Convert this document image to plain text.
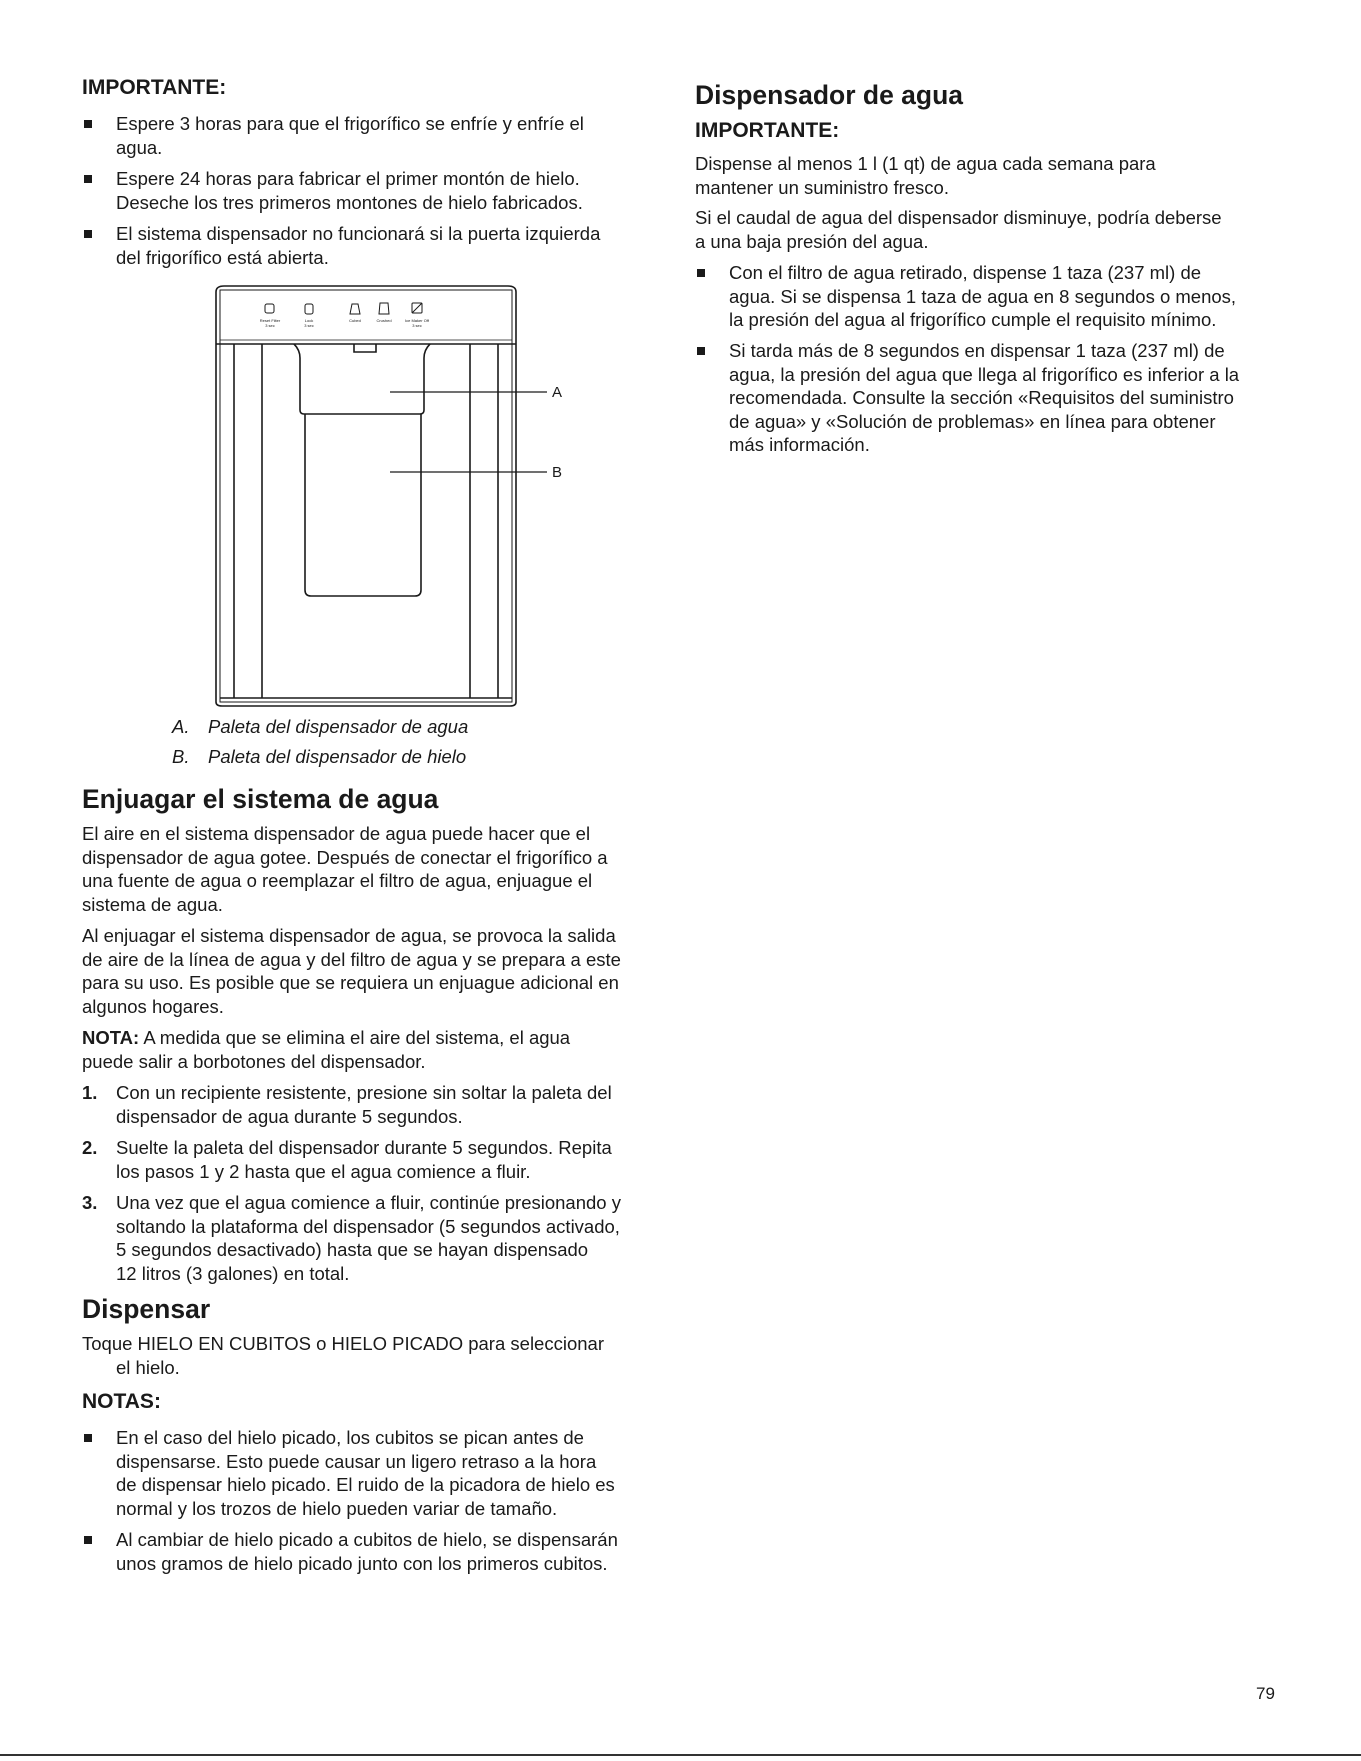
IMPORTANTE:
Espere 3 horas para que el frigorífico se enfríe y enfríe el
agua.
Espere 24 horas para fabricar el primer montón de hielo.
Deseche los tres primeros montones de hielo fabricados.
El sistema dispensador no funcionará si la puerta izquierda
del frigorífico está abierta.
A. Paleta del dispensador de agua
B. Paleta del dispensador de hielo
Enjuagar el sistema de agua
El aire en el sistema dispensador de agua puede hacer que el
dispensador de agua gotee. Después de conectar el frigorífico a
una fuente de agua o reemplazar el filtro de agua, enjuague el
sistema de agua.
Al enjuagar el sistema dispensador de agua, se provoca la salida
de aire de la línea de agua y del filtro de agua y se prepara a este
para su uso. Es posible que se requiera un enjuague adicional en
algunos hogares.
NOTA: A medida que se elimina el aire del sistema, el agua
puede salir a borbotones del dispensador.
1. Con un recipiente resistente, presione sin soltar la paleta del
dispensador de agua durante 5 segundos.
2. Suelte la paleta del dispensador durante 5 segundos. Repita
los pasos 1 y 2 hasta que el agua comience a fluir.
3. Una vez que el agua comience a fluir, continúe presionando y
soltando la plataforma del dispensador (5 segundos activado,
5 segundos desactivado) hasta que se hayan dispensado
12 litros (3 galones) en total.
Dispensar
Toque HIELO EN CUBITOS o HIELO PICADO para seleccionar
el hielo.
NOTAS:
En el caso del hielo picado, los cubitos se pican antes de
dispensarse. Esto puede causar un ligero retraso a la hora
de dispensar hielo picado. El ruido de la picadora de hielo es
normal y los trozos de hielo pueden variar de tamaño.
Al cambiar de hielo picado a cubitos de hielo, se dispensarán
unos gramos de hielo picado junto con los primeros cubitos.
Reset Filter
3 sec
Lock
3 sec
Cubed	Crushed	Ice Maker Off
3 sec
A
B
Dispensador de agua
IMPORTANTE:
Dispense al menos 1 l (1 qt) de agua cada semana para
mantener un suministro fresco.
Si el caudal de agua del dispensador disminuye, podría deberse
a una baja presión del agua.
Con el filtro de agua retirado, dispense 1 taza (237 ml) de
agua. Si se dispensa 1 taza de agua en 8 segundos o menos,
la presión del agua al frigorífico cumple el requisito mínimo.
Si tarda más de 8 segundos en dispensar 1 taza (237 ml) de
agua, la presión del agua que llega al frigorífico es inferior a la
recomendada. Consulte la sección «Requisitos del suministro
de agua» y «Solución de problemas» en línea para obtener
más información.
79
